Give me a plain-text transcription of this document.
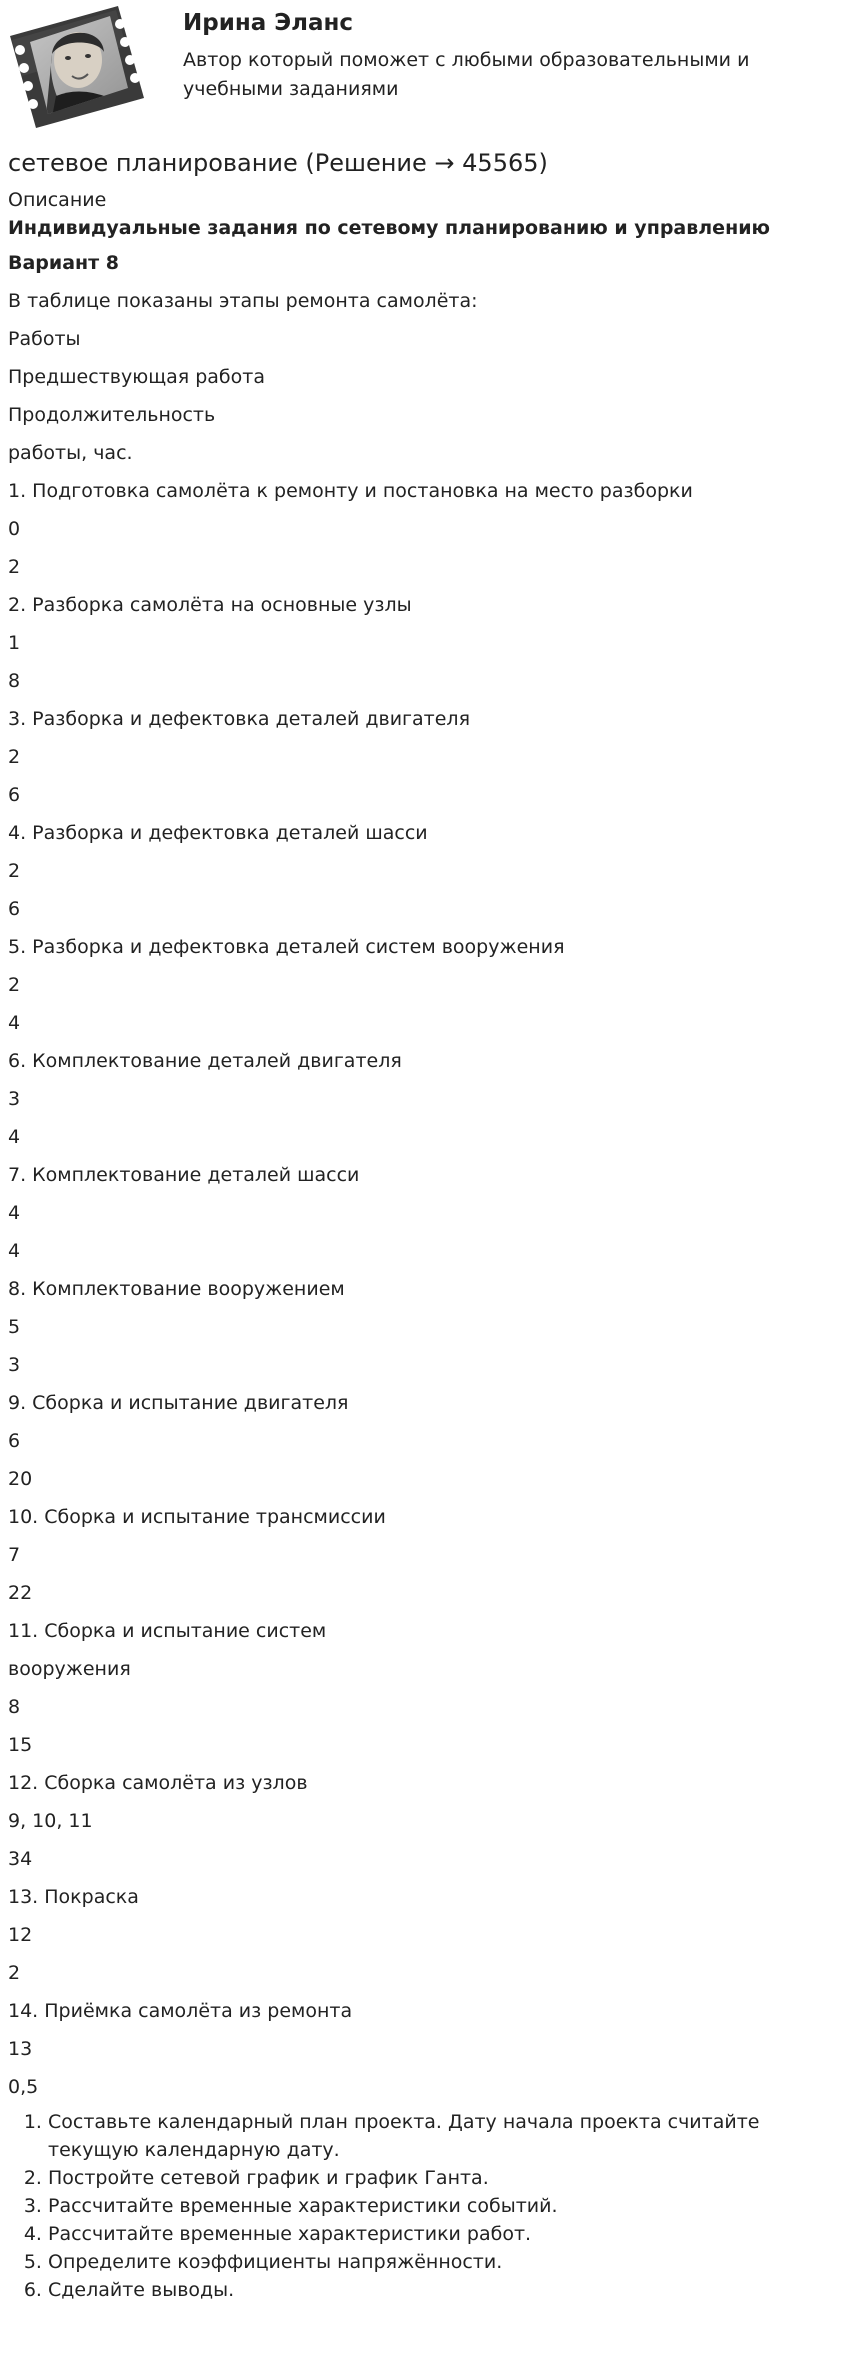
Ирина Эланс

Автор который поможет с любыми образовательными и учебными заданиями

сетевое планирование (Решение → 45565)
Описание

Индивидуальные задания по сетевому планированию и управлению

Вариант 8

В таблице показаны этапы ремонта самолёта:

Работы

Предшествующая работа

Продолжительность

работы, час.

1. Подготовка самолёта к ремонту и постановка на место разборки

0

2

2. Разборка самолёта на основные узлы

1

8

3. Разборка и дефектовка деталей двигателя

2

6

4. Разборка и дефектовка деталей шасси

2

6

5. Разборка и дефектовка деталей систем вооружения

2

4

6. Комплектование деталей двигателя

3

4

7. Комплектование деталей шасси

4

4

8. Комплектование вооружением

5

3

9. Сборка и испытание двигателя

6

20

10. Сборка и испытание трансмиссии

7

22

11. Сборка и испытание систем

вооружения

8

15

12. Сборка самолёта из узлов

9, 10, 11

34

13. Покраска

12

2

14. Приёмка самолёта из ремонта

13

0,5

1. Составьте календарный план проекта. Дату начала проекта считайте текущую календарную дату.
2. Постройте сетевой график и график Ганта.
3. Рассчитайте временные характеристики событий.
4. Рассчитайте временные характеристики работ.
5. Определите коэффициенты напряжённости.
6. Сделайте выводы.
